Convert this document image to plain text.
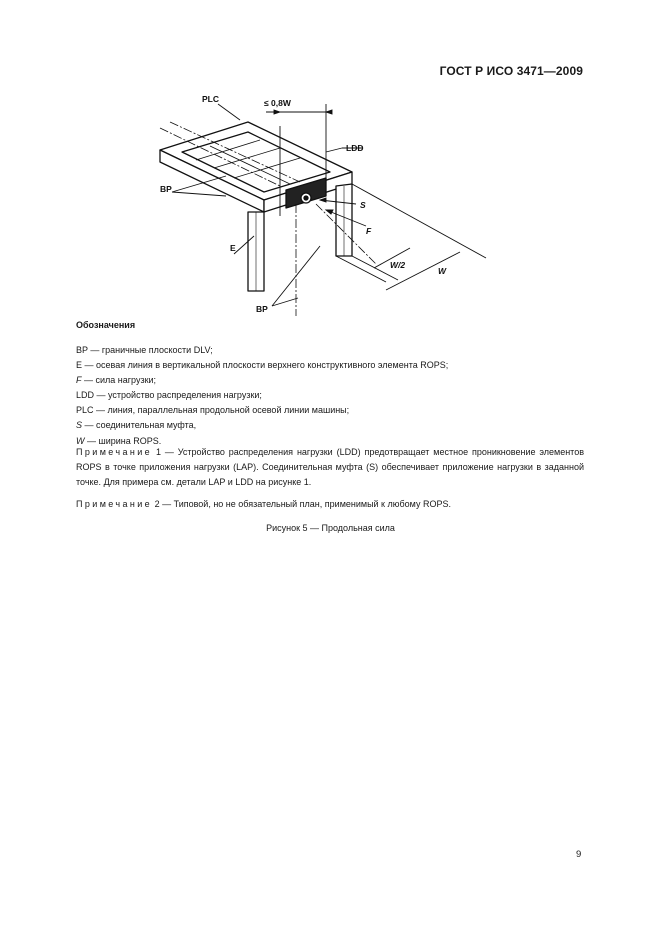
ГОСТ Р ИСО 3471—2009
PLC	≤ 0,8W
LDD
BP
S
F
E
W/2
W
BP
Обозначения
BP — граничные плоскости DLV;
E — осевая линия в вертикальной плоскости верхнего конструктивного элемента ROPS;
F — сила нагрузки;
LDD — устройство распределения нагрузки;
PLC — линия, параллельная продольной осевой линии машины;
S — соединительная муфта,
W — ширина ROPS.
Примечание 1 — Устройство распределения нагрузки (LDD) предотвращает местное проникновение элементов ROPS в точке приложения нагрузки (LAP). Соединительная муфта (S) обеспечивает приложение нагрузки в заданной точке. Для примера см. детали LAP и LDD на рисунке 1.
Примечание 2 — Типовой, но не обязательный план, применимый к любому ROPS.
Рисунок 5 — Продольная сила
9
